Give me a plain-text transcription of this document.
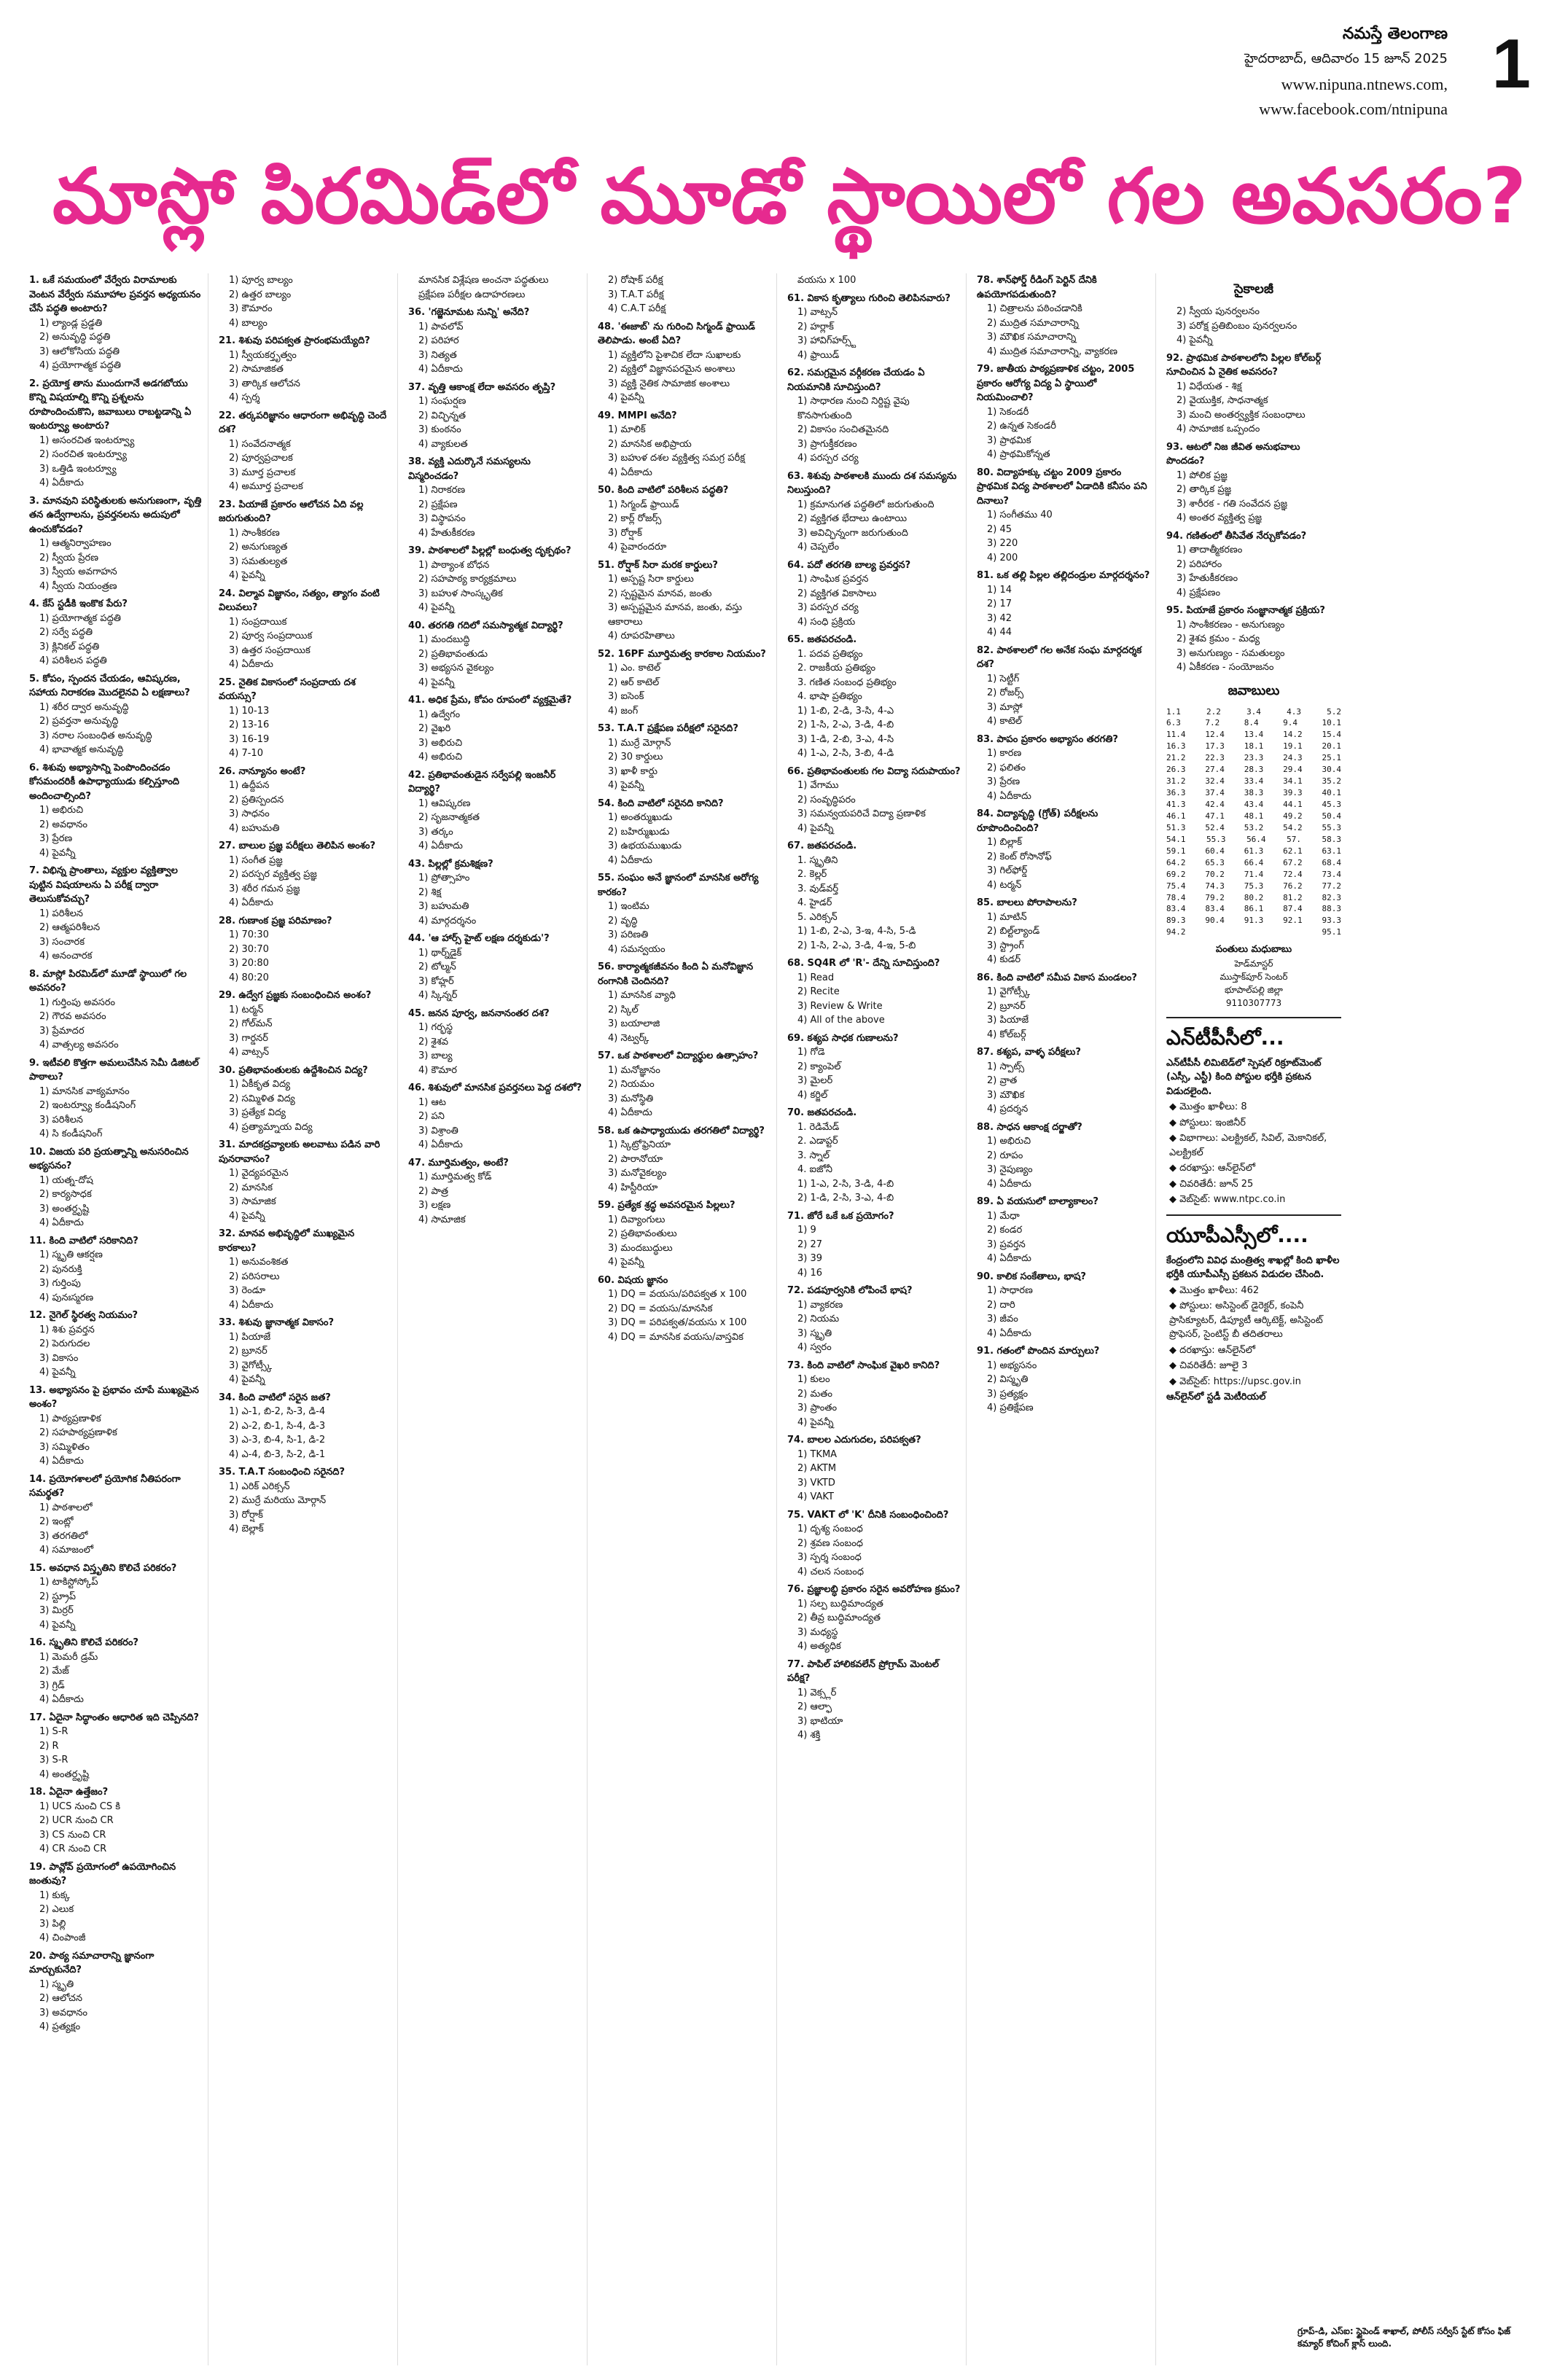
నమస్తే తెలంగాణ
హైదరాబాద్, ఆదివారం 15 జూన్ 2025
www.nipuna.ntnews.com,
www.facebook.com/ntnipuna
1
మాస్లో పిరమిడ్‌లో మూడో స్థాయిలో గల అవసరం?
1. ఒకే సమయంలో వేర్వేరు విరామాలకు వెంటన వేర్వేరు సమూహాల ప్రవర్తన అధ్యయనం చేసే పద్ధతి అంటారు?
1) ల్యాండ్ల ప్రడ్డతి
2) అనువృద్ధి పద్ధతి
3) ఆలోకోసియ పద్ధతి
4) ప్రయోగాత్మక పద్ధతి
2. ప్రయోక్త తాను ముందుగానే అడగబోయు కొన్ని విషయాల్ని కొన్ని ప్రశ్నలను రూపొందించుకొని, జవాబులు రాబట్టడాన్ని ఏ ఇంటర్వ్యూ అంటారు?
1) అసంరచిత ఇంటర్వ్యూ
2) సంరచిత ఇంటర్వ్యూ
3) ఒత్తిడి ఇంటర్వ్యూ
4) ఏదీకాదు
3. మానవుని పరిస్థితులకు అనుగుణంగా, వృత్తి తన ఉద్వేగాలను, ప్రవర్తనలను అదుపులో ఉంచుకోవడం?
1) ఆత్మనిర్వాహణం
2) స్వీయ ప్రేరణ
3) స్వీయ అవగాహన
4) స్వీయ నియంత్రణ
4. కేస్ స్టడీకి ఇంకొక పేరు?
1) ప్రయోగాత్మక పద్ధతి
2) సర్వే పద్ధతి
3) క్లినికల్ పద్ధతి
4) పరిశీలన పద్ధతి
5. కోపం, స్పందన చేయడం, ఆవిష్కరణ, సహాయ నిరాకరణ మొదలైనవి ఏ లక్షణాలు?
1) శరీర ద్వార అనువృద్ధి
2) ప్రవర్తనా అనువృద్ధి
3) నరాల సంబంధిత అనువృద్ధి
4) భావాత్మక అనువృద్ధి
6. శిశువు అభ్యాసాన్ని పెంపొందించడం కోసమందరికీ ఉపాధ్యాయుడు కల్పిస్తూంది అందించాల్సింది?
1) అభిరుచి
2) అవధానం
3) ప్రేరణ
4) పైవన్నీ
7. విభిన్న ప్రాంతాలు, వ్యక్తుల వ్యక్తిత్వాల పుట్టిన విషయాలను ఏ పరీక్ష ద్వారా తెలుసుకోవచ్చు?
1) పరిశీలన
2) ఆత్మపరిశీలన
3) సంచారక
4) అనంచారక
8. మాస్లో పిరమిడ్‌లో మూడో స్థాయిలో గల అవసరం?
1) గుర్తింపు అవసరం
2) గౌరవ అవసరం
3) ప్రేమాదర
4) వాత్సల్య అవసరం
9. ఇటీవలి కొత్తగా అమలుచేసిన సెమీ డిజిటల్ పాఠాలు?
1) మానసిక వాక్యమానం
2) ఇంటర్వ్యూ కండీషనింగ్
3) పరిశీలన
4) సి కండీషనింగ్
10. విజయ పరి ప్రయత్నాన్ని అనుసరించిన అభ్యసనం?
1) యత్న-దోష
2) కార్యసాధక
3) అంతర్దృష్టి
4) ఏదీకాదు
11. కింది వాటిలో సరికానిది?
1) స్మృతి ఆకర్షణ
2) పునరుక్తి
3) గుర్తింపు
4) పునఃస్మరణ
12. నైగెల్ స్థిరత్వ నియమం?
1) శిశు ప్రవర్తన
2) పెరుగుదల
3) వికాసం
4) పైవన్నీ
13. అభ్యాసనం పై ప్రభావం చూపే ముఖ్యమైన అంశం?
1) పాఠ్యప్రణాళిక
2) సహపాఠ్యప్రణాళిక
3) సమ్మిళితం
4) ఏదీకాదు
14. ప్రయోగశాలలో ప్రయోగిక నీతిపరంగా సమర్థత?
1) పాఠశాలలో
2) ఇంట్లో
3) తరగతిలో
4) సమాజంలో
15. అవధాన విస్తృతిని కొలిచే పరికరం?
1) టాకిస్టోస్కోప్
2) స్ట్రూప్
3) మిర్రర్
4) పైవన్నీ
16. స్మృతిని కొలిచే పరికరం?
1) మెమరీ డ్రమ్
2) మేజ్
3) గ్రిడ్
4) ఏదీకాదు
17. ఏదైనా సిద్ధాంతం ఆధారిత ఇది చెప్పినది?
1) S-R
2) R
3) S-R
4) అంతర్దృష్టి
18. ఏదైనా ఉత్తేజం?
1) UCS నుంచి CS కి
2) UCR నుంచి CR
3) CS నుంచి CR
4) CR నుంచి CR
19. పావ్లోవ్ ప్రయోగంలో ఉపయోగించిన జంతువు?
1) కుక్క
2) ఎలుక
3) పిల్లి
4) చింపాంజీ
20. పాఠ్య సమాచారాన్ని జ్ఞానంగా మార్చుకునేది?
1) స్మృతి
2) ఆలోచన
3) అవధానం
4) ప్రత్యక్షం
1) పూర్వ బాల్యం
2) ఉత్తర బాల్యం
3) కౌమారం
4) బాల్యం
21. శిశువు పరిపక్వత ప్రారంభమయ్యేది?
1) స్వీయకర్తృత్వం
2) సామాజికత
3) తార్కిక ఆలోచన
4) స్పర్శ
22. తర్కపరిజ్ఞానం ఆధారంగా అభివృద్ధి చెందే దశ?
1) సంవేదనాత్మక
2) పూర్వప్రచాలక
3) మూర్త ప్రచాలక
4) అమూర్త ప్రచాలక
23. పియాజే ప్రకారం ఆలోచన ఏది వల్ల జరుగుతుంది?
1) సాంశీకరణ
2) అనుగుణ్యత
3) సమతుల్యత
4) పైవన్నీ
24. విల్మావ విజ్ఞానం, సత్యం, త్యాగం వంటి విలువలు?
1) సంప్రదాయిక
2) పూర్వ సంప్రదాయిక
3) ఉత్తర సంప్రదాయిక
4) ఏదీకాదు
25. నైతిక వికాసంలో సంప్రదాయ దశ వయస్సు?
1) 10-13
2) 13-16
3) 16-19
4) 7-10
26. నాన్యూనం అంటే?
1) ఉద్దీపన
2) ప్రతిస్పందన
3) సాధనం
4) బహుమతి
27. బాలుల ప్రజ్ఞ పరీక్షలు తెలిపిన అంశం?
1) సంగీత ప్రజ్ఞ
2) పరస్పర వ్యక్తిత్వ ప్రజ్ఞ
3) శరీర గమన ప్రజ్ఞ
4) ఏదీకాదు
28. గుణాంక ప్రజ్ఞ పరిమాణం?
1) 70:30
2) 30:70
3) 20:80
4) 80:20
29. ఉద్వేగ ప్రజ్ఞకు సంబంధించిన అంశం?
1) టర్మన్
2) గోల్‌మన్
3) గార్డనర్
4) వాట్సన్
30. ప్రతిభావంతులకు ఉద్దేశించిన విద్య?
1) ఏకీకృత విద్య
2) సమ్మిళిత విద్య
3) ప్రత్యేక విద్య
4) ప్రత్యామ్నాయ విద్య
31. మాదకద్రవ్యాలకు అలవాటు పడిన వారి పునరావాసం?
1) వైద్యపరమైన
2) మానసిక
3) సామాజిక
4) పైవన్నీ
32. మానవ అభివృద్ధిలో ముఖ్యమైన కారకాలు?
1) అనువంశికత
2) పరిసరాలు
3) రెండూ
4) ఏదీకాదు
33. శిశువు జ్ఞానాత్మక వికాసం?
1) పియాజే
2) బ్రూనర్
3) వైగోట్స్కీ
4) పైవన్నీ
34. కింది వాటిలో సరైన జత?
1) ఎ-1, బి-2, సి-3, డి-4
2) ఎ-2, బి-1, సి-4, డి-3
3) ఎ-3, బి-4, సి-1, డి-2
4) ఎ-4, బి-3, సి-2, డి-1
35. T.A.T సంబంధించి సరైనది?
1) ఎరిక్ ఎరిక్సన్
2) ముర్రే మరియు మోర్గాన్
3) రోర్షాక్
4) బెల్లాక్
మానసిక విశ్లేషణ అంచనా పద్ధతులు
ప్రక్షేపణ పరీక్షల ఉదాహరణలు
36. 'గజ్జెనూమట సున్ని' అనేది?
1) పావలోవ్
2) పరిహార
3) నిత్యత
4) ఏదీకాదు
37. వృత్తి ఆకాంక్ష లేదా అవసరం తృప్తి?
1) సంఘర్షణ
2) విచ్ఛిన్నత
3) కుంఠనం
4) వ్యాకులత
38. వ్యక్తి ఎదుర్కొనే సమస్యలను విస్మరించడం?
1) నిరాకరణ
2) ప్రక్షేపణ
3) విస్థాపనం
4) హేతుకీకరణ
39. పాఠశాలలో పిల్లల్లో బంధుత్వ దృక్పథం?
1) పాఠ్యాంశ బోధన
2) సహపాఠ్య కార్యక్రమాలు
3) బహుళ సాంస్కృతిక
4) పైవన్నీ
40. తరగతి గదిలో సమస్యాత్మక విద్యార్థి?
1) మందబుద్ధి
2) ప్రతిభావంతుడు
3) అభ్యసన వైకల్యం
4) పైవన్నీ
41. అధిక ప్రేమ, కోపం రూపంలో వ్యక్తమైతే?
1) ఉద్వేగం
2) వైఖరి
3) అభిరుచి
4) అభిరుచి
42. ప్రతిభావంతుడైన సర్వేపల్లి ఇంజనీర్ విద్యార్థి?
1) ఆవిష్కరణ
2) సృజనాత్మకత
3) తర్కం
4) ఏదీకాదు
43. పిల్లల్లో క్రమశిక్షణ?
1) ప్రోత్సాహం
2) శిక్ష
3) బహుమతి
4) మార్గదర్శనం
44. 'ఆ హార్స్ హైట్ లక్షణ దర్శకుడు'?
1) థార్న్‌డైక్
2) టోల్మన్
3) కోహ్లర్
4) స్కిన్నర్
45. జనన పూర్వ, జననానంతర దశ?
1) గర్భస్థ
2) శైశవ
3) బాల్య
4) కౌమార
46. శిశువులో మానసిక ప్రవర్తనలు పెద్ద దశలో?
1) ఆట
2) పని
3) విశ్రాంతి
4) ఏదీకాదు
47. మూర్తిమత్వం, అంటే?
1) మూర్తిమత్వ కోడ్
2) పాత్ర
3) లక్షణ
4) సామాజిక
2) రోషాక్ పరీక్ష
3) T.A.T పరీక్ష
4) C.A.T పరీక్ష
48. 'ఈజాబ్' ను గురించి సిగ్మండ్ ఫ్రాయిడ్ తెలిపాడు. అంటే ఏది?
1) వ్యక్తిలోని పైశాచిక లేదా సుఖాలకు
2) వ్యక్తిలో విజ్ఞానపరమైన అంశాలు
3) వ్యక్తి నైతిక సామాజిక అంశాలు
4) పైవన్నీ
49. MMPI అనేది?
1) మాలిక్
2) మానసిక అభిప్రాయ
3) బహుళ దశల వ్యక్తిత్వ సమగ్ర పరీక్ష
4) ఏదీకాదు
50. కింది వాటిలో పరిశీలన పద్ధతి?
1) సిగ్మండ్ ఫ్రాయిడ్
2) కార్ల్ రోజర్స్
3) రోర్షాక్
4) పైవారందరూ
51. రోర్షాక్ సిరా మరక కార్డులు?
1) అస్పష్ట సిరా కార్డులు
2) స్పష్టమైన మానవ, జంతు
3) అస్పష్టమైన మానవ, జంతు, వస్తు ఆకారాలు
4) రూపరహితాలు
52. 16PF మూర్తిమత్వ కారకాల నియమం?
1) ఎం. కాటెల్
2) ఆర్ కాటెల్
3) ఐసెంక్
4) జంగ్
53. T.A.T ప్రక్షేపణ పరీక్షలో సరైనది?
1) ముర్రే మోర్గాన్
2) 30 కార్డులు
3) ఖాళీ కార్డు
4) పైవన్నీ
54. కింది వాటిలో సరైనది కానిది?
1) అంతర్ముఖుడు
2) బహిర్ముఖుడు
3) ఉభయముఖుడు
4) ఏదీకాదు
55. సంఘం అనే జ్ఞానంలో మానసిక అరోగ్య కారకం?
1) ఇంటిమ
2) వృద్ధి
3) పరిణతి
4) సమన్వయం
56. కార్యాత్మకజీవనం కింది ఏ మనోవిజ్ఞాన రంగానికి చెందినది?
1) మానసిక వ్యాధి
2) స్కిల్
3) బయాలాజి
4) నెట్వర్క్
57. ఒక పాఠశాలలో విద్యార్థుల ఉత్సాహం?
1) మనోజ్ఞానం
2) నియమం
3) మనోస్థితి
4) ఏదీకాదు
58. ఒక ఉపాధ్యాయుడు తరగతిలో విద్యార్థి?
1) స్కిట్రోఫ్రెనియా
2) పారానోయా
3) మనోవైకల్యం
4) హిస్టీరియా
59. ప్రత్యేక శ్రద్ధ అవసరమైన పిల్లలు?
1) దివ్యాంగులు
2) ప్రతిభావంతులు
3) మందబుద్ధులు
4) పైవన్నీ
60. విషయ జ్ఞానం
1) DQ = వయసు/పరిపక్వత x 100
2) DQ = వయసు/మానసిక
3) DQ = పరిపక్వత/వయసు x 100
4) DQ = మానసిక వయసు/వాస్తవిక
వయసు x 100
61. వికాస కృత్యాలు గురించి తెలిపినవారు?
1) వాట్సన్
2) హర్లాక్
3) హావిగ్‌హర్స్ట్
4) ఫ్రాయిడ్
62. సమగ్రమైన వర్గీకరణ చేయడం ఏ నియమానికి సూచిస్తుంది?
1) సాధారణ నుంచి నిర్దిష్ట వైపు కొనసాగుతుంది
2) వికాసం సంచితమైనది
3) ప్రాగుక్తీకరణం
4) పరస్పర చర్య
63. శిశువు పాఠశాలకి ముందు దశ సమస్యను నిలుస్తుంది?
1) క్రమానుగత పద్ధతిలో జరుగుతుంది
2) వ్యక్తిగత భేదాలు ఉంటాయి
3) అవిచ్ఛిన్నంగా జరుగుతుంది
4) చెప్పలేం
64. పదో తరగతి బాల్య ప్రవర్తన?
1) సాంఘిక ప్రవర్తన
2) వ్యక్తిగత వికాసాలు
3) పరస్పర చర్య
4) సంధి ప్రక్రియ
65. జతపరచండి.
1. పదవ ప్రతిభ్యం
2. రాజకీయ ప్రతిభ్యం
3. గణిత సంబంధ ప్రతిభ్యం
4. భాషా ప్రతిభ్యం
1) 1-బి, 2-డి, 3-సి, 4-ఎ
2) 1-సి, 2-ఎ, 3-డి, 4-బి
3) 1-డి, 2-బి, 3-ఎ, 4-సి
4) 1-ఎ, 2-సి, 3-బి, 4-డి
66. ప్రతిభావంతులకు గల విద్యా సదుపాయం?
1) వేగాము
2) సంవృద్ధిపరం
3) సమన్వయపరిచే విద్యా ప్రణాళిక
4) పైవన్నీ
67. జతపరచండి.
1. స్మృతిని
2. కెల్లర్
3. వుడ్‌వర్త్
4. హైడర్
5. ఎరిక్సన్
1) 1-బి, 2-ఎ, 3-ఇ, 4-సి, 5-డి
2) 1-సి, 2-ఎ, 3-డి, 4-ఇ, 5-బి
68. SQ4R లో 'R'- దేన్ని సూచిస్తుంది?
1) Read
2) Recite
3) Review & Write
4) All of the above
69. కశ్యప సాధక గుణాలను?
1) గోడె
2) క్యాంపెల్
3) మైలర్
4) కర్జిల్
70. జతపరచండి.
1. రెడిమేడ్
2. ఎడాప్టర్
3. స్నాల్
4. ఐజోనీ
1) 1-ఎ, 2-సి, 3-డి, 4-బి
2) 1-డి, 2-సి, 3-ఎ, 4-బి
71. జోరే ఒకే ఒక ప్రయోగం?
1) 9
2) 27
3) 39
4) 16
72. పడపూర్వనికి లోపించే భాష?
1) వ్యాకరణ
2) నియమ
3) స్మృతి
4) స్వరం
73. కింది వాటిలో సాంఘిక వైఖరి కానిది?
1) కులం
2) మతం
3) ప్రాంతం
4) పైవన్నీ
74. బాలల ఎదుగుదల, పరిపక్వత?
1) TKMA
2) AKTM
3) VKTD
4) VAKT
75. VAKT లో 'K' దీనికి సంబంధించింది?
1) దృశ్య సంబంధ
2) శ్రవణ సంబంధ
3) స్పర్శ సంబంధ
4) చలన సంబంధ
76. ప్రజ్ఞాలబ్ధి ప్రకారం సరైన అవరోహణ క్రమం?
1) సల్ప బుద్ధిమాంద్యత
2) తీవ్ర బుద్ధిమాంద్యత
3) మధ్యస్థ
4) అత్యధిక
77. పాపిల్ హాలికవలేన్ ప్రోగ్రామ్ మెంటల్ పరీక్ష?
1) వెక్స్లర్
2) ఆల్ఫా
3) భాటియా
4) శక్తి
78. శాన్‌ఫోర్డ్ రీడింగ్ పెర్టిన్ దేనికి ఉపయోగపడుతుంది?
1) చిత్రాలను పఠించడానికి
2) ముద్రిత సమాచారాన్ని
3) మౌఖిక సమాచారాన్ని
4) ముద్రిత సమాచారాన్ని, వ్యాకరణ
79. జాతీయ పాఠ్యప్రణాళిక చట్టం, 2005 ప్రకారం ఆరోగ్య విద్య ఏ స్థాయిలో నియమించాలి?
1) సెకండరీ
2) ఉన్నత సెకండరీ
3) ప్రాథమిక
4) ప్రాథమికోన్నత
80. విద్యాహక్కు చట్టం 2009 ప్రకారం ప్రాథమిక విద్య పాఠశాలలో ఏడాదికి కనీసం పని దినాలు?
1) సంగీతము 40
2) 45
3) 220
4) 200
81. ఒక తల్లి పిల్లల తల్లిదండ్రుల మార్గదర్శనం?
1) 14
2) 17
3) 42
4) 44
82. పాఠశాలలో గల అనేక సంఘ మార్గదర్శక దశ?
1) సెట్టీగ్
2) రోజర్స్
3) మాస్లో
4) కాటెల్
83. పాపం ప్రకారం అభ్యాసం తరగతి?
1) కారణ
2) ఫలితం
3) ప్రేరణ
4) ఏదీకాదు
84. విద్యావృద్ధి (గ్రోత్) పరీక్షలను రూపొందించింది?
1) బిల్లాక్
2) కెంట్ రోసానోఫ్
3) గిల్‌ఫోర్డ్
4) టర్మన్
85. బాలలు పోరాపాలను?
1) మాటిన్
2) బిల్ట్‌ల్యాండ్
3) స్ట్రాంగ్
4) కుడర్
86. కింది వాటిలో సమీప వికాస మండలం?
1) వైగోట్స్కీ
2) బ్రూనర్
3) పియాజే
4) కోల్‌బర్గ్
87. కశ్యప, వాళ్ళ పరీక్షలు?
1) స్పాట్స్
2) వ్రాత
3) మౌఖిక
4) ప్రదర్శన
88. సాధన ఆకాంక్ష దర్జాతో?
1) అభిరుచి
2) రూపం
3) నైపుణ్యం
4) ఏదీకాదు
89. ఏ వయసులో బాల్యాకాలం?
1) మేధా
2) కండర
3) ప్రవర్తన
4) ఏదీకాదు
90. కాలిక సంకేతాలు, భాష?
1) సాధారణ
2) దారి
3) జీవం
4) ఏదీకాదు
91. గతంలో పొందిన మార్పులు?
1) అభ్యసనం
2) విస్మృతి
3) ప్రత్యక్షం
4) ప్రతిక్షేపణ
సైకాలజీ
2) స్వీయ పునర్వలనం
3) పరోక్ష ప్రతిబింబం పునర్వలనం
4) పైవన్నీ
92. ప్రాథమిక పాఠశాలలోని పిల్లల కోల్‌బర్గ్ సూచించిన ఏ నైతిక అవసరం?
1) విధేయత - శిక్ష
2) వైయుక్తిక, సాధనాత్మక
3) మంచి అంతర్వ్యక్తిక సంబంధాలు
4) సామాజిక ఒప్పందం
93. ఆటలో నిజ జీవిత అనుభవాలు పొందడం?
1) పోలిక ప్రజ్ఞ
2) తార్కిక ప్రజ్ఞ
3) శారీరక - గతి సంవేదన ప్రజ్ఞ
4) అంతర వ్యక్తిత్వ ప్రజ్ఞ
94. గణితంలో తీసివేత నేర్చుకోవడం?
1) తాదాత్మీకరణం
2) పరిహారం
3) హేతుకీకరణం
4) ప్రక్షేపణం
95. పియాజే ప్రకారం సంజ్ఞానాత్మక ప్రక్రియ?
1) సాంశీకరణం - అనుగుణ్యం
2) శైశవ క్రమం - మధ్య
3) అనుగుణ్యం - సమతుల్యం
4) ఏకీకరణ - సంయోజనం
జవాబులు
1.1	2.2	3.4	4.3	5.2
6.3	7.2	8.4	9.4	10.1
11.4 12.4 13.4 14.2 15.4
16.3 17.3 18.1 19.1 20.1
21.2 22.3 23.3 24.3 25.1
26.3 27.4 28.3 29.4 30.4
31.2 32.4 33.4 34.1 35.2
36.3 37.4 38.3 39.3 40.1
41.3 42.4 43.4 44.1 45.3
46.1 47.1 48.1 49.2 50.4
51.3 52.4 53.2 54.2 55.3
54.1	55.3	56.4	57.	58.3
59.1 60.4 61.3 62.1 63.1
64.2 65.3 66.4 67.2 68.4
69.2 70.2 71.4 72.4 73.4
75.4 74.3 75.3 76.2 77.2
78.4 79.2 80.2 81.2 82.3
83.4 83.4 86.1 87.4 88.3
89.3 90.4 91.3 92.1 93.3
94.2	95.1
పంతులు మధుబాబు
హెడ్‌మాస్టర్
ముస్తాక్‌పూర్ సెంటర్
భూపాల్‌పల్లి జిల్లా
9110307773
ఎన్‌టీపీసీలో...
ఎన్‌టీపీసీ లిమిటెడ్‌లో స్పెషల్ రిక్రూట్‌మెంట్ (ఎస్సీ, ఎస్టీ) కింది పోస్టుల భర్తీకి ప్రకటన విడుదలైంది.
◆ మొత్తం ఖాళీలు: 8
◆ పోస్టులు: ఇంజినీర్
◆ విభాగాలు: ఎలక్ట్రికల్, సివిల్, మెకానికల్, ఎలక్ట్రికల్
◆ దరఖాస్తు: ఆన్‌లైన్‌లో
◆ చివరితేదీ: జూన్ 25
◆ వెబ్‌సైట్: www.ntpc.co.in
యూపీఎస్సీలో....
కేంద్రంలోని వివిధ మంత్రిత్వ శాఖల్లో కింది ఖాళీల భర్తీకి యూపీఎస్సీ ప్రకటన విడుదల చేసింది.
◆ మొత్తం ఖాళీలు: 462
◆ పోస్టులు: అసిస్టెంట్ డైరెక్టర్, కంపెనీ ప్రాసిక్యూటర్, డిప్యూటీ ఆర్కిటెక్ట్, అసిస్టెంట్ ప్రొఫెసర్, సైంటిస్ట్ బీ తదితరాలు
◆ దరఖాస్తు: ఆన్‌లైన్‌లో
◆ చివరితేదీ: జూలై 3
◆ వెబ్‌సైట్: https://upsc.gov.in
ఆన్‌లైన్‌లో స్టడీ మెటీరియల్
గ్రూప్-డి, ఎస్ఐ: స్టైపెండ్ శాఖాల్, పోలీస్ సర్వీస్ స్టేట్ కోసం ఫిజ్ కమ్యార్ కోచింగ్ క్లాస్ లుంది.
